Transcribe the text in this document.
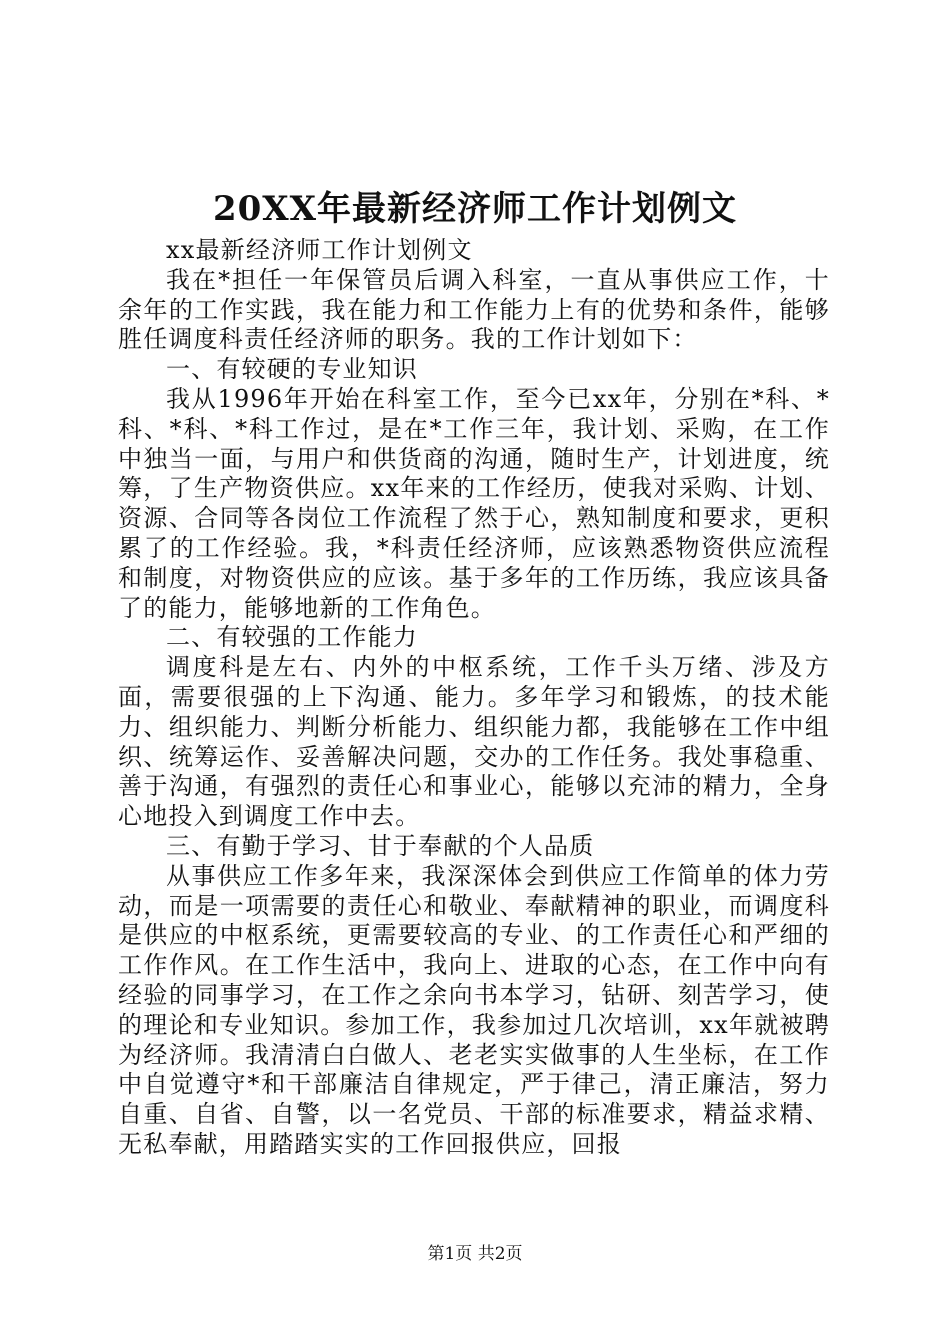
20XX年最新经济师工作计划例文

xx最新经济师工作计划例文

我在*担任一年保管员后调入科室，一直从事供应工作，十余年的工作实践，我在能力和工作能力上有的优势和条件，能够胜任调度科责任经济师的职务。我的工作计划如下：

一、有较硬的专业知识

我从1996年开始在科室工作，至今已xx年，分别在*科、*科、*科、*科工作过，是在*工作三年，我计划、采购，在工作中独当一面，与用户和供货商的沟通，随时生产，计划进度，统筹，了生产物资供应。xx年来的工作经历，使我对采购、计划、资源、合同等各岗位工作流程了然于心，熟知制度和要求，更积累了的工作经验。我，*科责任经济师，应该熟悉物资供应流程和制度，对物资供应的应该。基于多年的工作历练，我应该具备了的能力，能够地新的工作角色。

二、有较强的工作能力

调度科是左右、内外的中枢系统，工作千头万绪、涉及方面，需要很强的上下沟通、能力。多年学习和锻炼，的技术能力、组织能力、判断分析能力、组织能力都，我能够在工作中组织、统筹运作、妥善解决问题，交办的工作任务。我处事稳重、善于沟通，有强烈的责任心和事业心，能够以充沛的精力，全身心地投入到调度工作中去。

三、有勤于学习、甘于奉献的个人品质

从事供应工作多年来，我深深体会到供应工作简单的体力劳动，而是一项需要的责任心和敬业、奉献精神的职业，而调度科是供应的中枢系统，更需要较高的专业、的工作责任心和严细的工作作风。在工作生活中，我向上、进取的心态，在工作中向有经验的同事学习，在工作之余向书本学习，钻研、刻苦学习，使的理论和专业知识。参加工作，我参加过几次培训，xx年就被聘为经济师。我清清白白做人、老老实实做事的人生坐标，在工作中自觉遵守*和干部廉洁自律规定，严于律己，清正廉洁，努力自重、自省、自警，以一名党员、干部的标准要求，精益求精、无私奉献，用踏踏实实的工作回报供应，回报

第1页 共2页
